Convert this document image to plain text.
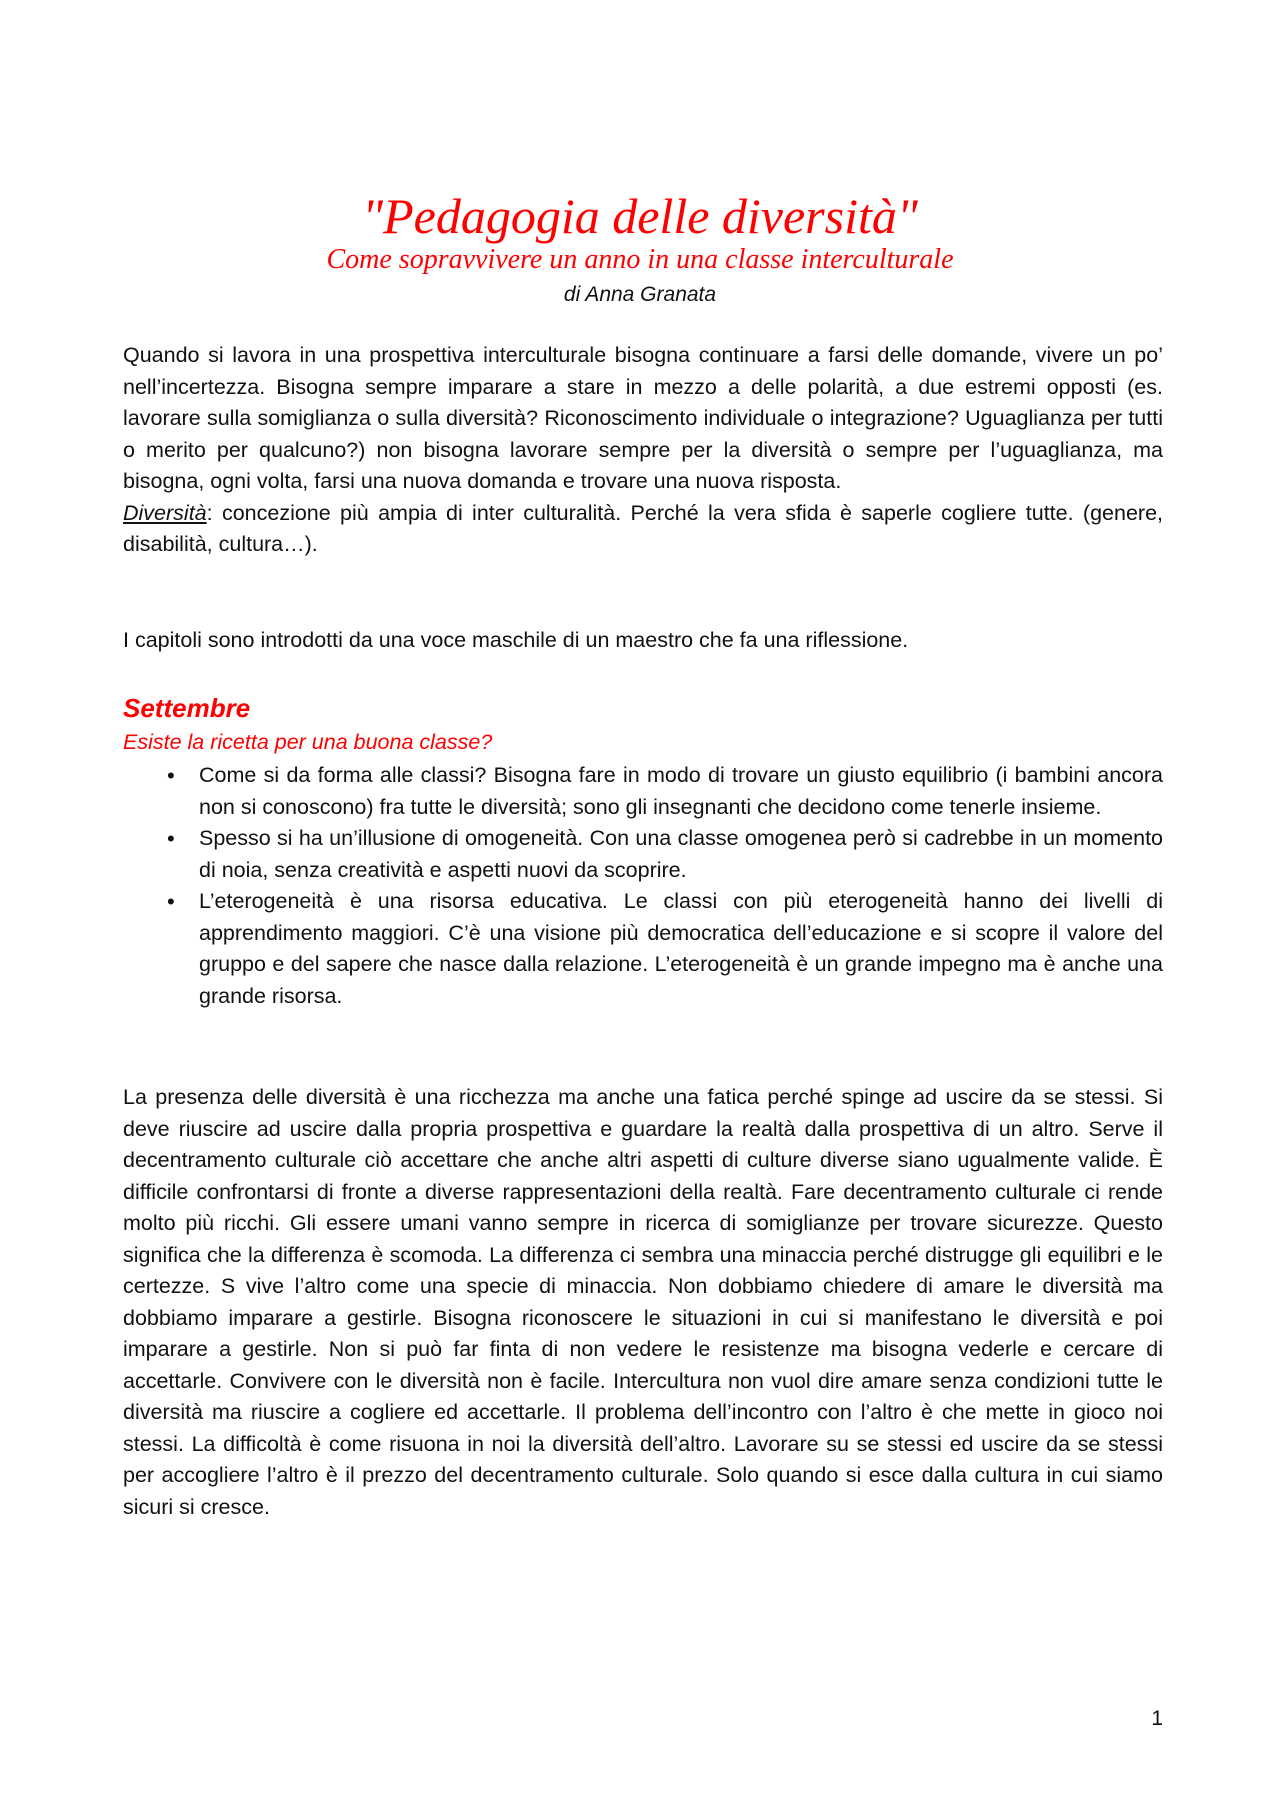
"Pedagogia delle diversità"

Come sopravvivere un anno in una classe interculturale

di Anna Granata

Quando si lavora in una prospettiva interculturale bisogna continuare a farsi delle domande, vivere un po’ nell’incertezza. Bisogna sempre imparare a stare in mezzo a delle polarità, a due estremi opposti (es. lavorare sulla somiglianza o sulla diversità? Riconoscimento individuale o integrazione? Uguaglianza per tutti o merito per qualcuno?) non bisogna lavorare sempre per la diversità o sempre per l’uguaglianza, ma bisogna, ogni volta, farsi una nuova domanda e trovare una nuova risposta.

Diversità: concezione più ampia di inter culturalità. Perché la vera sfida è saperle cogliere tutte. (genere, disabilità, cultura…).

I capitoli sono introdotti da una voce maschile di un maestro che fa una riflessione.

Settembre

Esiste la ricetta per una buona classe?

• Come si da forma alle classi? Bisogna fare in modo di trovare un giusto equilibrio (i bambini ancora non si conoscono) fra tutte le diversità; sono gli insegnanti che decidono come tenerle insieme.
• Spesso si ha un’illusione di omogeneità. Con una classe omogenea però si cadrebbe in un momento di noia, senza creatività e aspetti nuovi da scoprire.
• L’eterogeneità è una risorsa educativa. Le classi con più eterogeneità hanno dei livelli di apprendimento maggiori. C’è una visione più democratica dell’educazione e si scopre il valore del gruppo e del sapere che nasce dalla relazione. L’eterogeneità è un grande impegno ma è anche una grande risorsa.

La presenza delle diversità è una ricchezza ma anche una fatica perché spinge ad uscire da se stessi. Si deve riuscire ad uscire dalla propria prospettiva e guardare la realtà dalla prospettiva di un altro. Serve il decentramento culturale ciò accettare che anche altri aspetti di culture diverse siano ugualmente valide. È difficile confrontarsi di fronte a diverse rappresentazioni della realtà. Fare decentramento culturale ci rende molto più ricchi. Gli essere umani vanno sempre in ricerca di somiglianze per trovare sicurezze. Questo significa che la differenza è scomoda. La differenza ci sembra una minaccia perché distrugge gli equilibri e le certezze. S vive l’altro come una specie di minaccia. Non dobbiamo chiedere di amare le diversità ma dobbiamo imparare a gestirle. Bisogna riconoscere le situazioni in cui si manifestano le diversità e poi imparare a gestirle. Non si può far finta di non vedere le resistenze ma bisogna vederle e cercare di accettarle. Convivere con le diversità non è facile. Intercultura non vuol dire amare senza condizioni tutte le diversità ma riuscire a cogliere ed accettarle. Il problema dell’incontro con l’altro è che mette in gioco noi stessi. La difficoltà è come risuona in noi la diversità dell’altro. Lavorare su se stessi ed uscire da se stessi per accogliere l’altro è il prezzo del decentramento culturale. Solo quando si esce dalla cultura in cui siamo sicuri si cresce.

1
